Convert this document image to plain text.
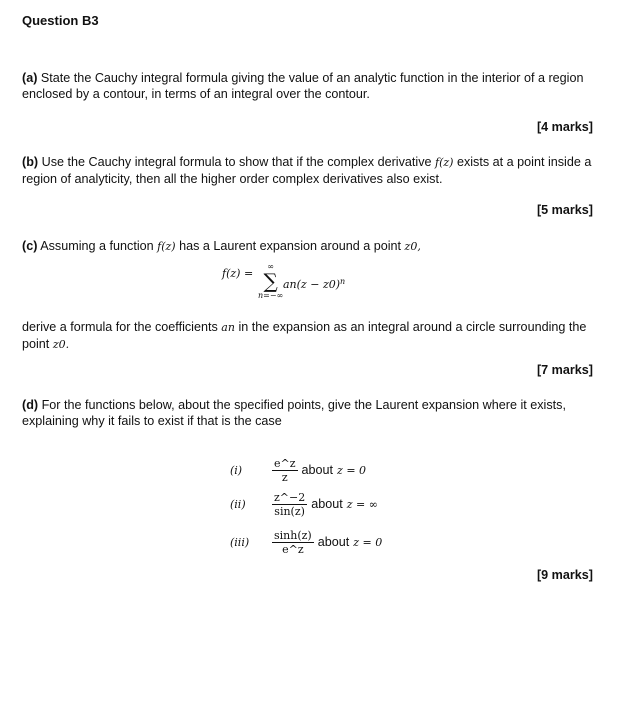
Question B3
(a) State the Cauchy integral formula giving the value of an analytic function in the interior of a region enclosed by a contour, in terms of an integral over the contour.
[4 marks]
(b) Use the Cauchy integral formula to show that if the complex derivative f(z) exists at a point inside a region of analyticity, then all the higher order complex derivatives also exist.
[5 marks]
(c) Assuming a function f(z) has a Laurent expansion around a point z0,
f(z) =
∞
∑
n=−∞
$an(z - z0)^n$
derive a formula for the coefficients an in the expansion as an integral around a circle surrounding the point z0.
[7 marks]
(d) For the functions below, about the specified points, give the Laurent expansion where it exists, explaining why it fails to exist if that is the case
(i)	$\frac{e\^{}z}{z}$ about z = 0
(ii)	$\frac{z\^{}-2}{\sin(z)}$ about z = ∞
(iii)	$\frac{\sinh(z)}{e\^{}z}$ about z = 0
[9 marks]
